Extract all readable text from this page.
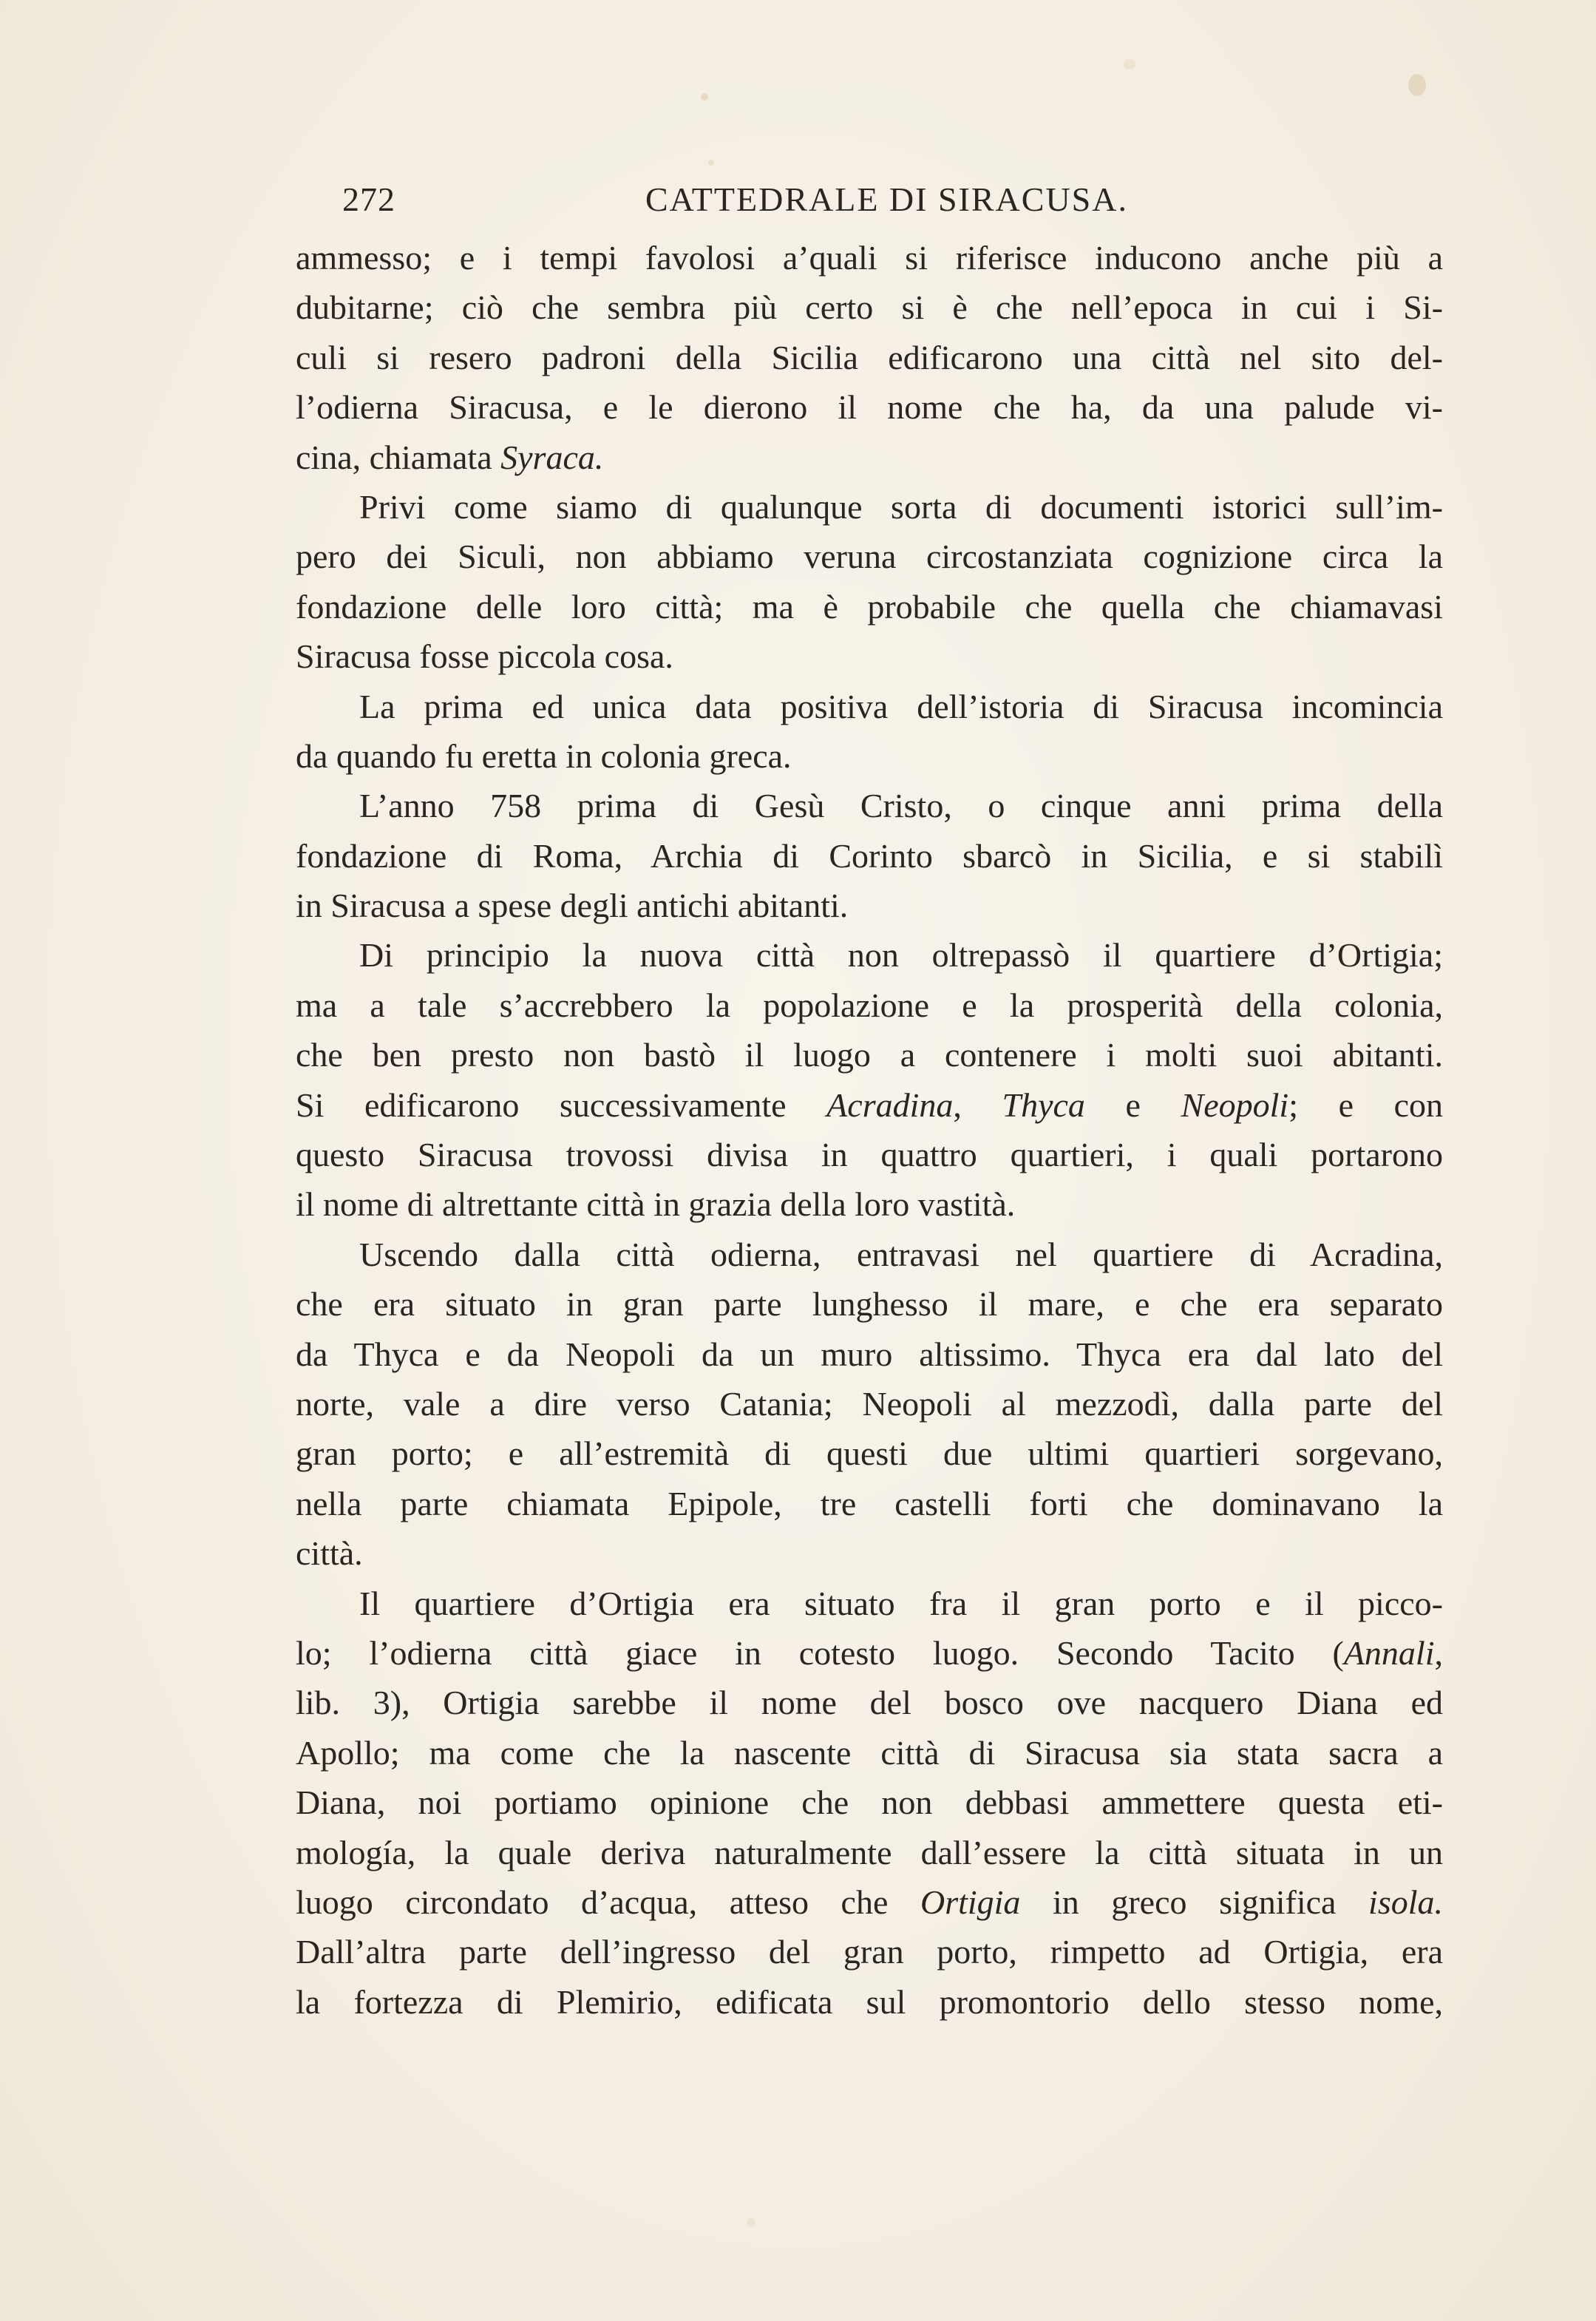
272	CATTEDRALE DI SIRACUSA.
ammesso; e i tempi favolosi a’quali si riferisce inducono anche più a
dubitarne; ciò che sembra più certo si è che nell’epoca in cui i Si-
culi si resero padroni della Sicilia edificarono una città nel sito del-
l’odierna Siracusa, e le dierono il nome che ha, da una palude vi-
cina, chiamata Syraca.
Privi come siamo di qualunque sorta di documenti istorici sull’im-
pero dei Siculi, non abbiamo veruna circostanziata cognizione circa la
fondazione delle loro città; ma è probabile che quella che chiamavasi
Siracusa fosse piccola cosa.
La prima ed unica data positiva dell’istoria di Siracusa incomincia
da quando fu eretta in colonia greca.
L’anno 758 prima di Gesù Cristo, o cinque anni prima della
fondazione di Roma, Archia di Corinto sbarcò in Sicilia, e si stabilì
in Siracusa a spese degli antichi abitanti.
Di principio la nuova città non oltrepassò il quartiere d’Ortigia;
ma a tale s’accrebbero la popolazione e la prosperità della colonia,
che ben presto non bastò il luogo a contenere i molti suoi abitanti.
Si edificarono successivamente Acradina, Thyca e Neopoli; e con
questo Siracusa trovossi divisa in quattro quartieri, i quali portarono
il nome di altrettante città in grazia della loro vastità.
Uscendo dalla città odierna, entravasi nel quartiere di Acradina,
che era situato in gran parte lunghesso il mare, e che era separato
da Thyca e da Neopoli da un muro altissimo. Thyca era dal lato del
norte, vale a dire verso Catania; Neopoli al mezzodì, dalla parte del
gran porto; e all’estremità di questi due ultimi quartieri sorgevano,
nella parte chiamata Epipole, tre castelli forti che dominavano la
città.
Il quartiere d’Ortigia era situato fra il gran porto e il picco-
lo; l’odierna città giace in cotesto luogo. Secondo Tacito (Annali,
lib. 3), Ortigia sarebbe il nome del bosco ove nacquero Diana ed
Apollo; ma come che la nascente città di Siracusa sia stata sacra a
Diana, noi portiamo opinione che non debbasi ammettere questa eti-
mología, la quale deriva naturalmente dall’essere la città situata in un
luogo circondato d’acqua, atteso che Ortigia in greco significa isola.
Dall’altra parte dell’ingresso del gran porto, rimpetto ad Ortigia, era
la fortezza di Plemirio, edificata sul promontorio dello stesso nome,
